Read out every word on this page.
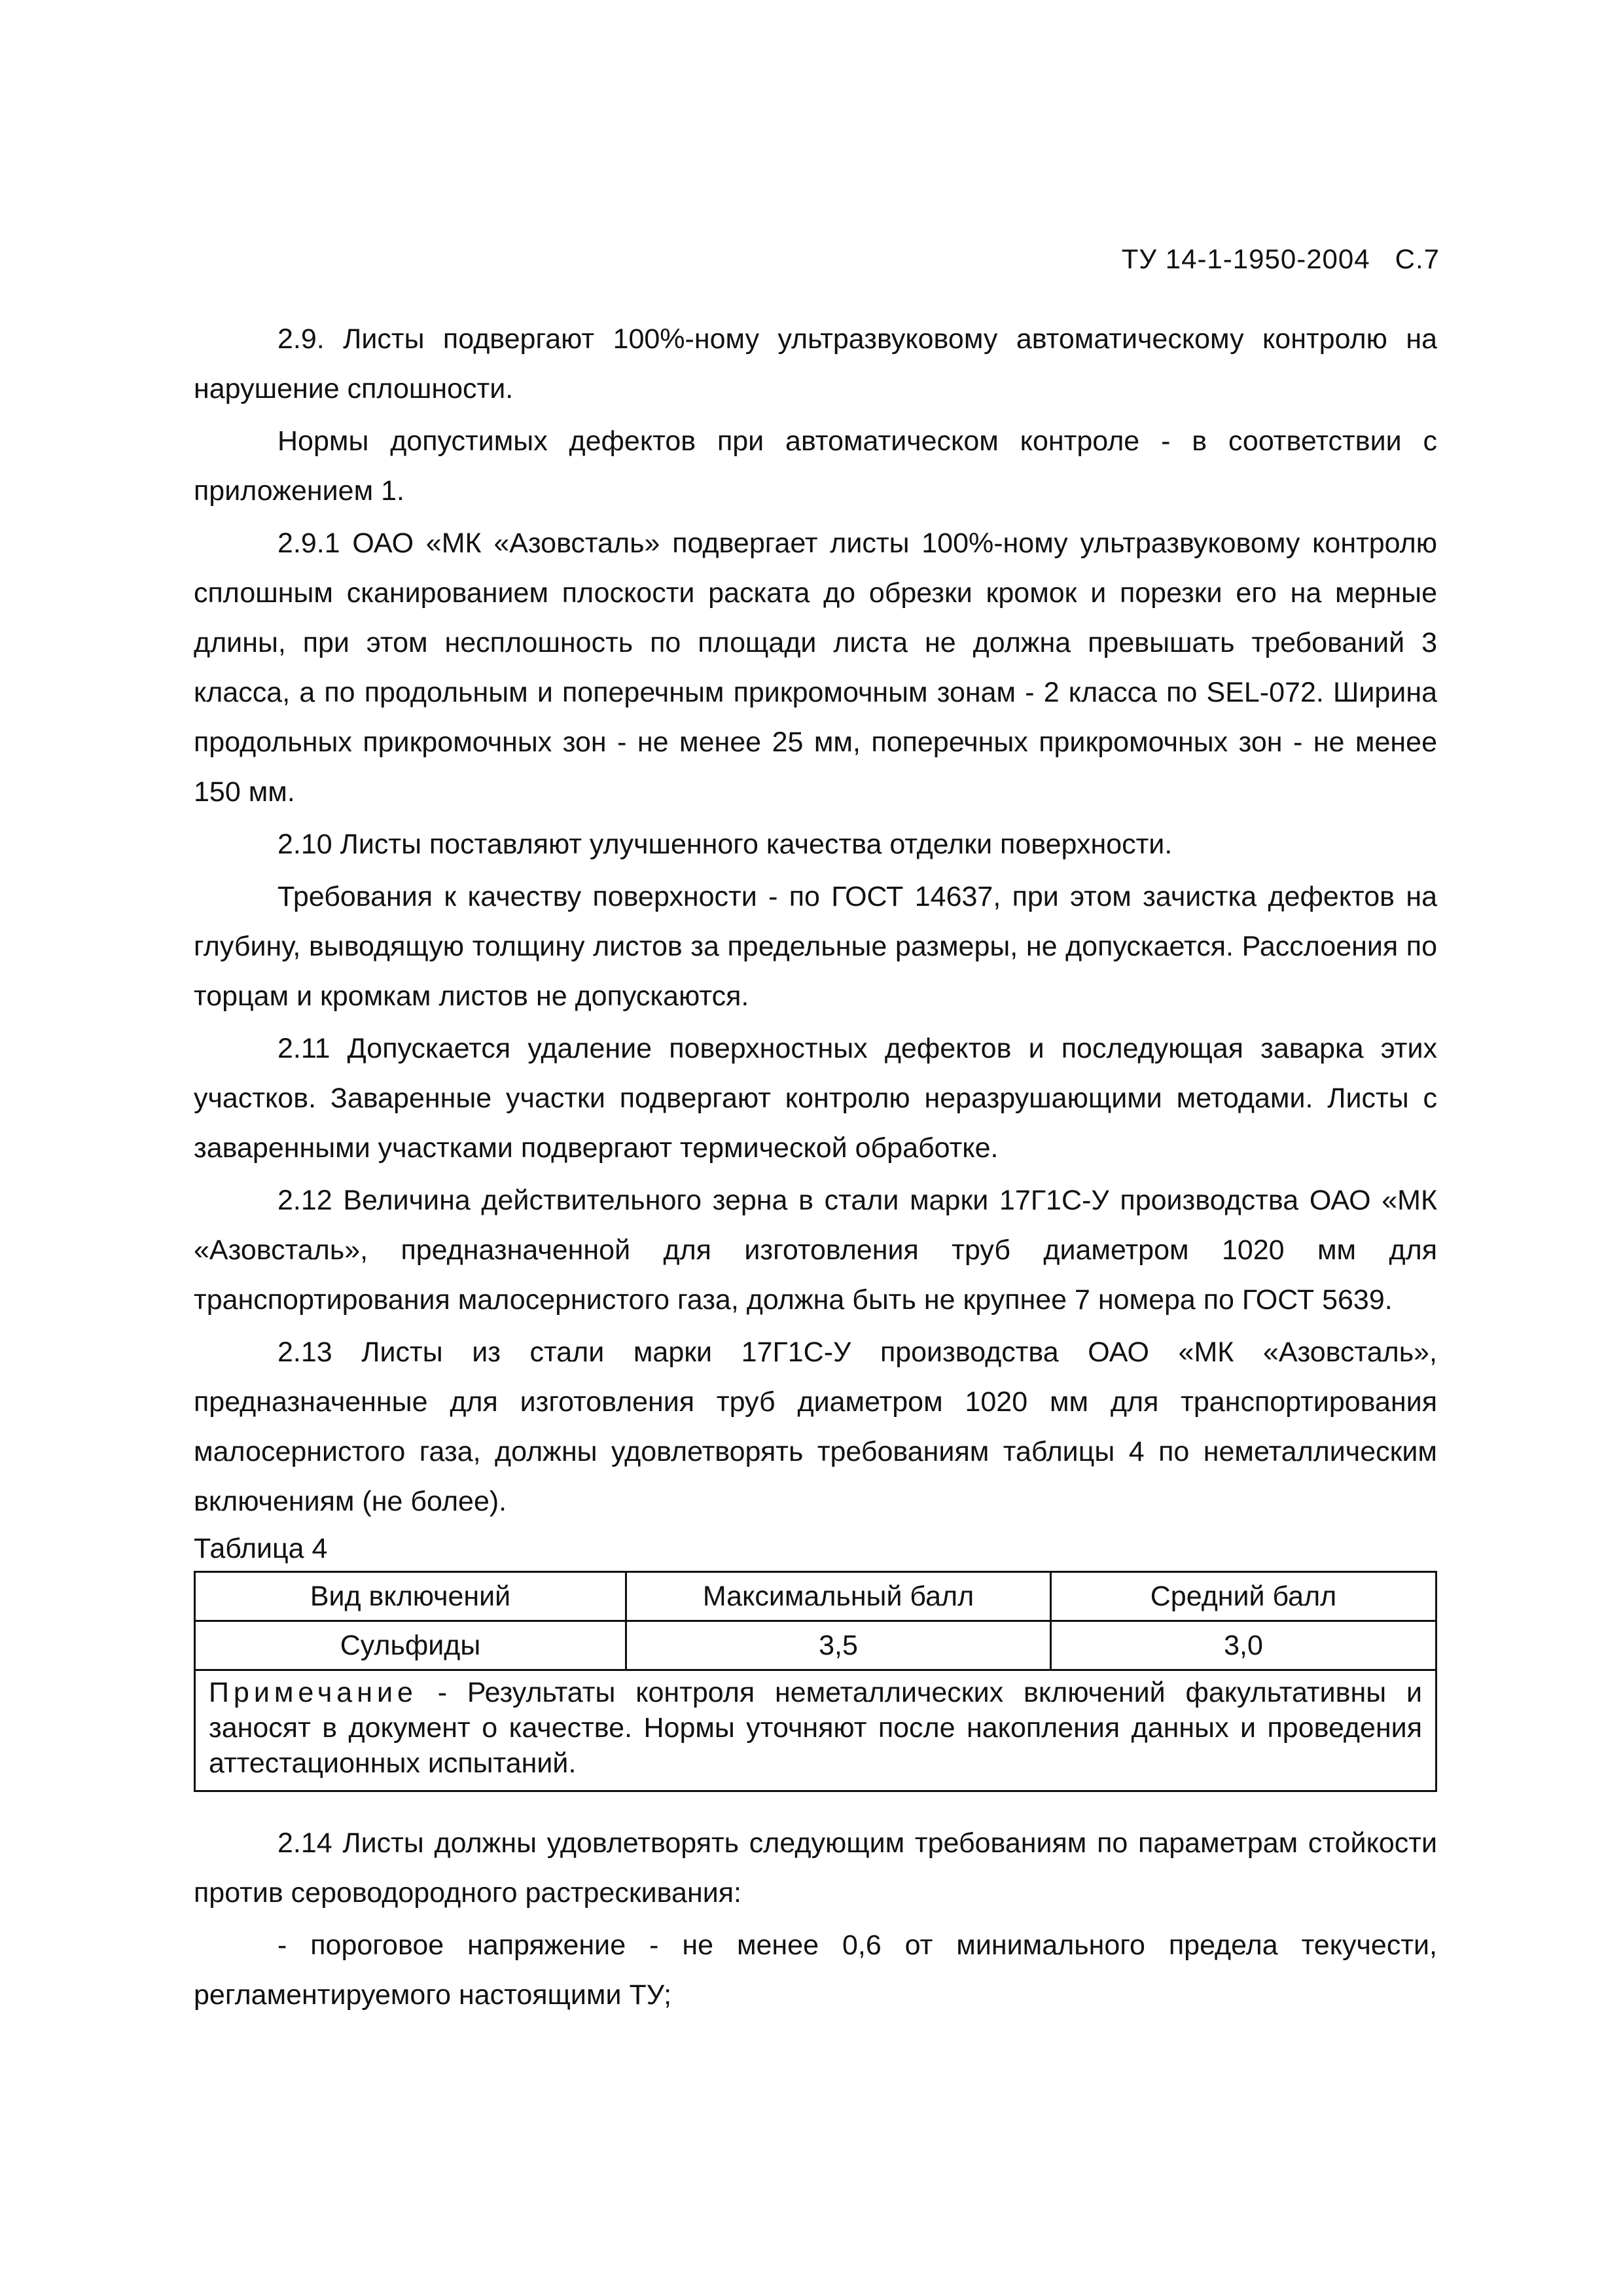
ТУ 14-1-1950-2004 С.7

2.9. Листы подвергают 100%-ному ультразвуковому автоматическому контролю на нарушение сплошности.

Нормы допустимых дефектов при автоматическом контроле - в соответствии с приложением 1.

2.9.1 ОАО «МК «Азовсталь» подвергает листы 100%-ному ультразвуковому контролю сплошным сканированием плоскости раската до обрезки кромок и порезки его на мерные длины, при этом несплошность по площади листа не должна превышать требований 3 класса, а по продольным и поперечным прикромочным зонам - 2 класса по SEL-072. Ширина продольных прикромочных зон - не менее 25 мм, поперечных прикромочных зон - не менее 150 мм.

2.10 Листы поставляют улучшенного качества отделки поверхности.

Требования к качеству поверхности - по ГОСТ 14637, при этом зачистка дефектов на глубину, выводящую толщину листов за предельные размеры, не допускается. Расслоения по торцам и кромкам листов не допускаются.

2.11 Допускается удаление поверхностных дефектов и последующая заварка этих участков. Заваренные участки подвергают контролю неразрушающими методами. Листы с заваренными участками подвергают термической обработке.

2.12 Величина действительного зерна в стали марки 17Г1С-У производства ОАО «МК «Азовсталь», предназначенной для изготовления труб диаметром 1020 мм для транспортирования малосернистого газа, должна быть не крупнее 7 номера по ГОСТ 5639.

2.13 Листы из стали марки 17Г1С-У производства ОАО «МК «Азовсталь», предназначенные для изготовления труб диаметром 1020 мм для транспортирования малосернистого газа, должны удовлетворять требованиям таблицы 4 по неметаллическим включениям (не более).

Таблица 4
Вид включений	Максимальный балл	Средний балл
Сульфиды	3,5	3,0
Примечание - Результаты контроля неметаллических включений факультативны и заносят в документ о качестве. Нормы уточняют после накопления данных и проведения аттестационных испытаний.		

2.14 Листы должны удовлетворять следующим требованиям по параметрам стойкости против сероводородного растрескивания:

- пороговое напряжение - не менее 0,6 от минимального предела текучести, регламентируемого настоящими ТУ;
